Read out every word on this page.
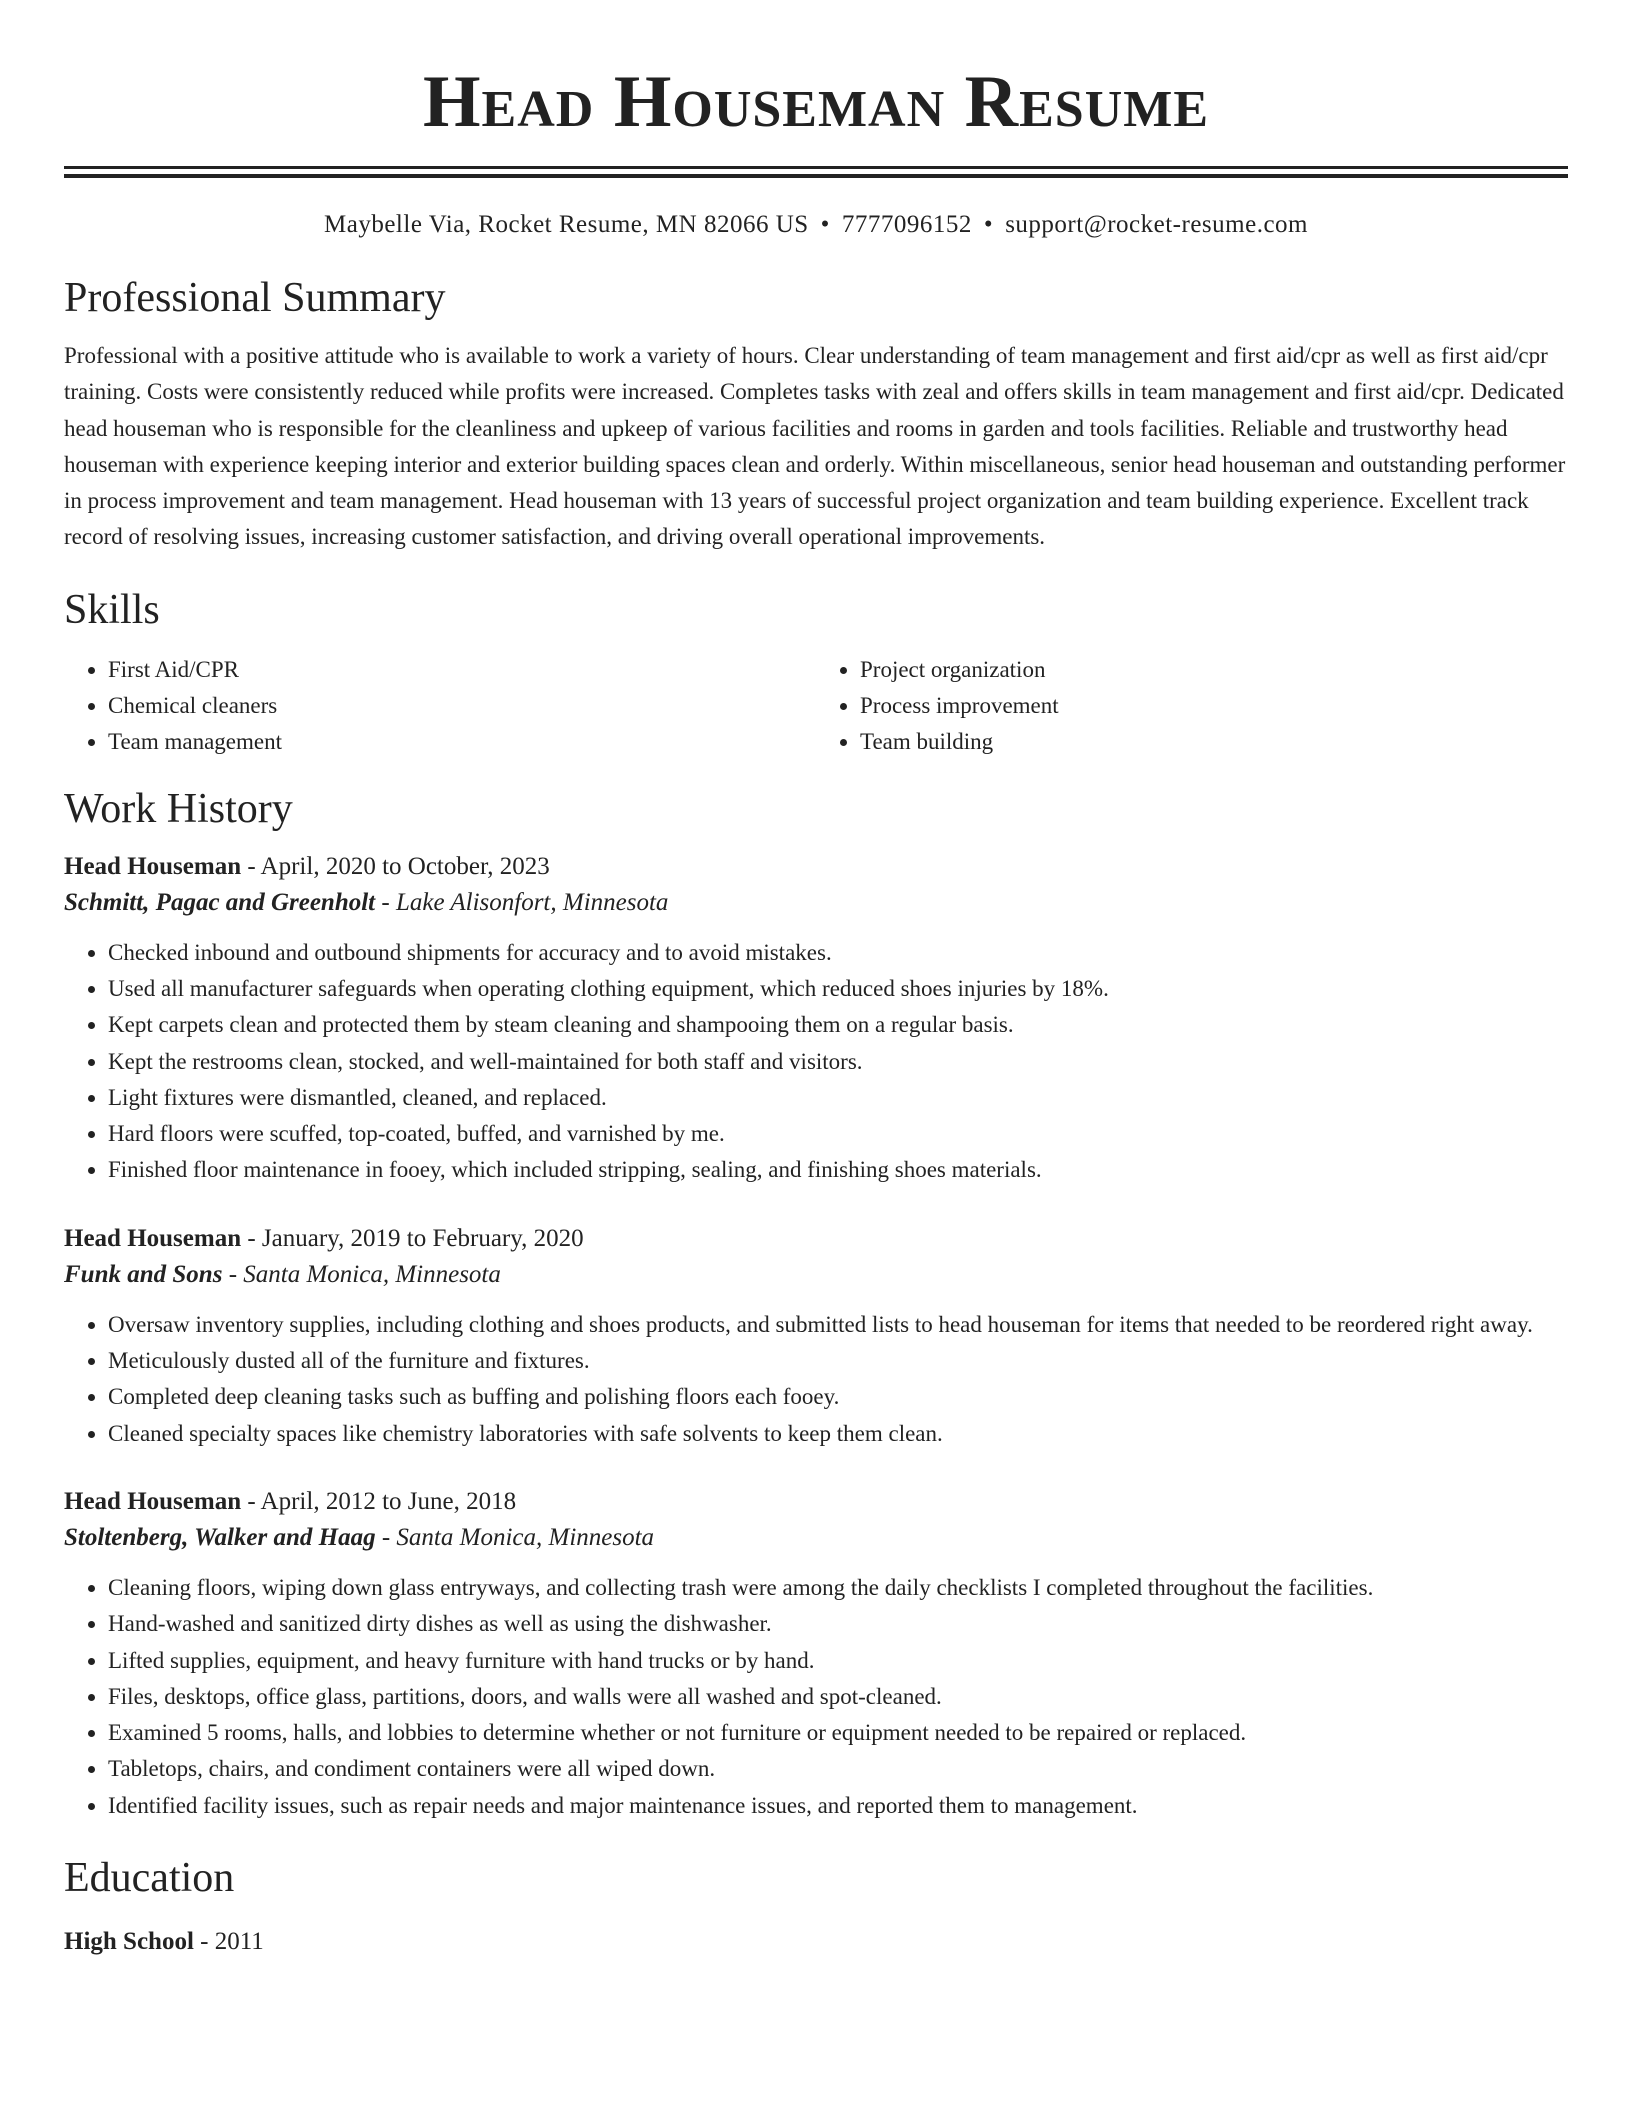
Head Houseman Resume
Maybelle Via, Rocket Resume, MN 82066 US • 7777096152 • support@rocket-resume.com
Professional Summary

Professional with a positive attitude who is available to work a variety of hours. Clear understanding of team management and first aid/cpr as well as first aid/cpr training. Costs were consistently reduced while profits were increased. Completes tasks with zeal and offers skills in team management and first aid/cpr. Dedicated head houseman who is responsible for the cleanliness and upkeep of various facilities and rooms in garden and tools facilities. Reliable and trustworthy head houseman with experience keeping interior and exterior building spaces clean and orderly. Within miscellaneous, senior head houseman and outstanding performer in process improvement and team management. Head houseman with 13 years of successful project organization and team building experience. Excellent track record of resolving issues, increasing customer satisfaction, and driving overall operational improvements.

Skills
• First Aid/CPR
• Chemical cleaners
• Team management
• Project organization
• Process improvement
• Team building
Work History
Head Houseman - April, 2020 to October, 2023
Schmitt, Pagac and Greenholt - Lake Alisonfort, Minnesota
• Checked inbound and outbound shipments for accuracy and to avoid mistakes.
• Used all manufacturer safeguards when operating clothing equipment, which reduced shoes injuries by 18%.
• Kept carpets clean and protected them by steam cleaning and shampooing them on a regular basis.
• Kept the restrooms clean, stocked, and well-maintained for both staff and visitors.
• Light fixtures were dismantled, cleaned, and replaced.
• Hard floors were scuffed, top-coated, buffed, and varnished by me.
• Finished floor maintenance in fooey, which included stripping, sealing, and finishing shoes materials.
Head Houseman - January, 2019 to February, 2020
Funk and Sons - Santa Monica, Minnesota
• Oversaw inventory supplies, including clothing and shoes products, and submitted lists to head houseman for items that needed to be reordered right away.
• Meticulously dusted all of the furniture and fixtures.
• Completed deep cleaning tasks such as buffing and polishing floors each fooey.
• Cleaned specialty spaces like chemistry laboratories with safe solvents to keep them clean.
Head Houseman - April, 2012 to June, 2018
Stoltenberg, Walker and Haag - Santa Monica, Minnesota
• Cleaning floors, wiping down glass entryways, and collecting trash were among the daily checklists I completed throughout the facilities.
• Hand-washed and sanitized dirty dishes as well as using the dishwasher.
• Lifted supplies, equipment, and heavy furniture with hand trucks or by hand.
• Files, desktops, office glass, partitions, doors, and walls were all washed and spot-cleaned.
• Examined 5 rooms, halls, and lobbies to determine whether or not furniture or equipment needed to be repaired or replaced.
• Tabletops, chairs, and condiment containers were all wiped down.
• Identified facility issues, such as repair needs and major maintenance issues, and reported them to management.
Education
High School - 2011
